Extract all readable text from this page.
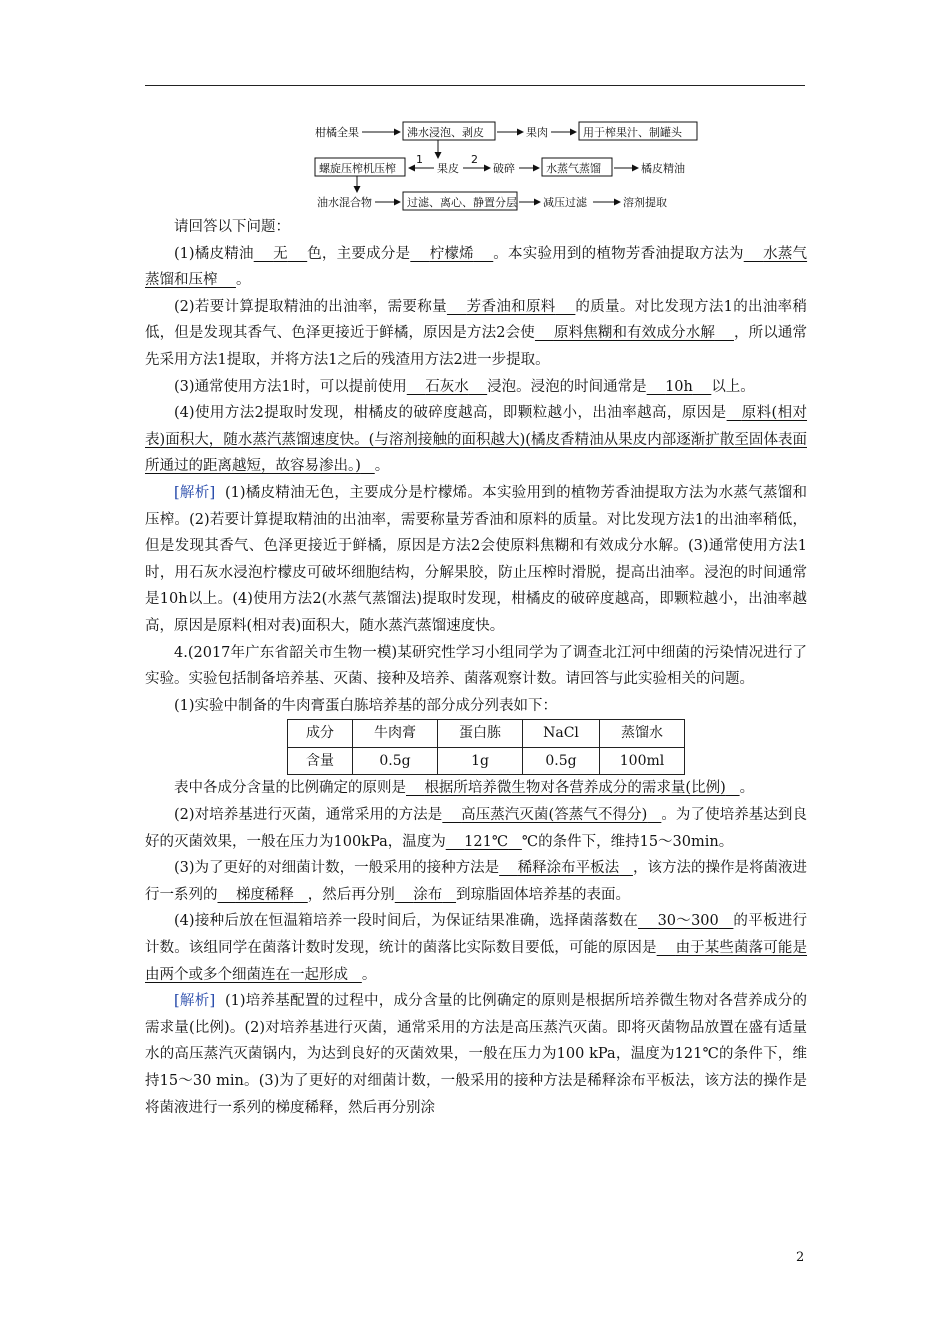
柑橘全果	沸水浸泡、剥皮	果肉	用于榨果汁、制罐头
螺旋压榨机压榨
1
果皮
2
破碎	水蒸气蒸馏	橘皮精油
油水混合物	过滤、离心、静置分层 减压过滤	溶剂提取

请回答以下问题：

(1)橘皮精油 无 色，主要成分是 柠檬烯 。本实验用到的植物芳香油提取方法为 水蒸气蒸馏和压榨 。

(2)若要计算提取精油的出油率，需要称量 芳香油和原料 的质量。对比发现方法1的出油率稍低，但是发现其香气、色泽更接近于鲜橘，原因是方法2会使 原料焦糊和有效成分水解 ，所以通常先采用方法1提取，并将方法1之后的残渣用方法2进一步提取。

(3)通常使用方法1时，可以提前使用 石灰水 浸泡。浸泡的时间通常是 10h 以上。

(4)使用方法2提取时发现，柑橘皮的破碎度越高，即颗粒越小，出油率越高，原因是 原料(相对表)面积大，随水蒸汽蒸馏速度快。(与溶剂接触的面积越大)(橘皮香精油从果皮内部逐渐扩散至固体表面所通过的距离越短，故容易渗出。) 。

[解析] (1)橘皮精油无色，主要成分是柠檬烯。本实验用到的植物芳香油提取方法为水蒸气蒸馏和压榨。(2)若要计算提取精油的出油率，需要称量芳香油和原料的质量。对比发现方法1的出油率稍低，但是发现其香气、色泽更接近于鲜橘，原因是方法2会使原料焦糊和有效成分水解。(3)通常使用方法1时，用石灰水浸泡柠檬皮可破坏细胞结构，分解果胶，防止压榨时滑脱，提高出油率。浸泡的时间通常是10h以上。(4)使用方法2(水蒸气蒸馏法)提取时发现，柑橘皮的破碎度越高，即颗粒越小，出油率越高，原因是原料(相对表)面积大，随水蒸汽蒸馏速度快。

4.(2017年广东省韶关市生物一模)某研究性学习小组同学为了调查北江河中细菌的污染情况进行了实验。实验包括制备培养基、灭菌、接种及培养、菌落观察计数。请回答与此实验相关的问题。

(1)实验中制备的牛肉膏蛋白胨培养基的部分成分列表如下：

成分	牛肉膏	蛋白胨	NaCl	蒸馏水
含量	0.5g	1g	0.5g	100ml

表中各成分含量的比例确定的原则是 根据所培养微生物对各营养成分的需求量(比例) 。

(2)对培养基进行灭菌，通常采用的方法是 高压蒸汽灭菌(答蒸气不得分) 。为了使培养基达到良好的灭菌效果，一般在压力为100kPa，温度为 121℃ ℃的条件下，维持15～30min。

(3)为了更好的对细菌计数，一般采用的接种方法是 稀释涂布平板法 ，该方法的操作是将菌液进行一系列的 梯度稀释 ，然后再分别 涂布 到琼脂固体培养基的表面。

(4)接种后放在恒温箱培养一段时间后，为保证结果准确，选择菌落数在 30～300 的平板进行计数。该组同学在菌落计数时发现，统计的菌落比实际数目要低，可能的原因是 由于某些菌落可能是由两个或多个细菌连在一起形成 。

[解析] (1)培养基配置的过程中，成分含量的比例确定的原则是根据所培养微生物对各营养成分的需求量(比例)。(2)对培养基进行灭菌，通常采用的方法是高压蒸汽灭菌。即将灭菌物品放置在盛有适量水的高压蒸汽灭菌锅内，为达到良好的灭菌效果，一般在压力为100 kPa，温度为121℃的条件下，维持15～30 min。(3)为了更好的对细菌计数，一般采用的接种方法是稀释涂布平板法，该方法的操作是将菌液进行一系列的梯度稀释，然后再分别涂

2
